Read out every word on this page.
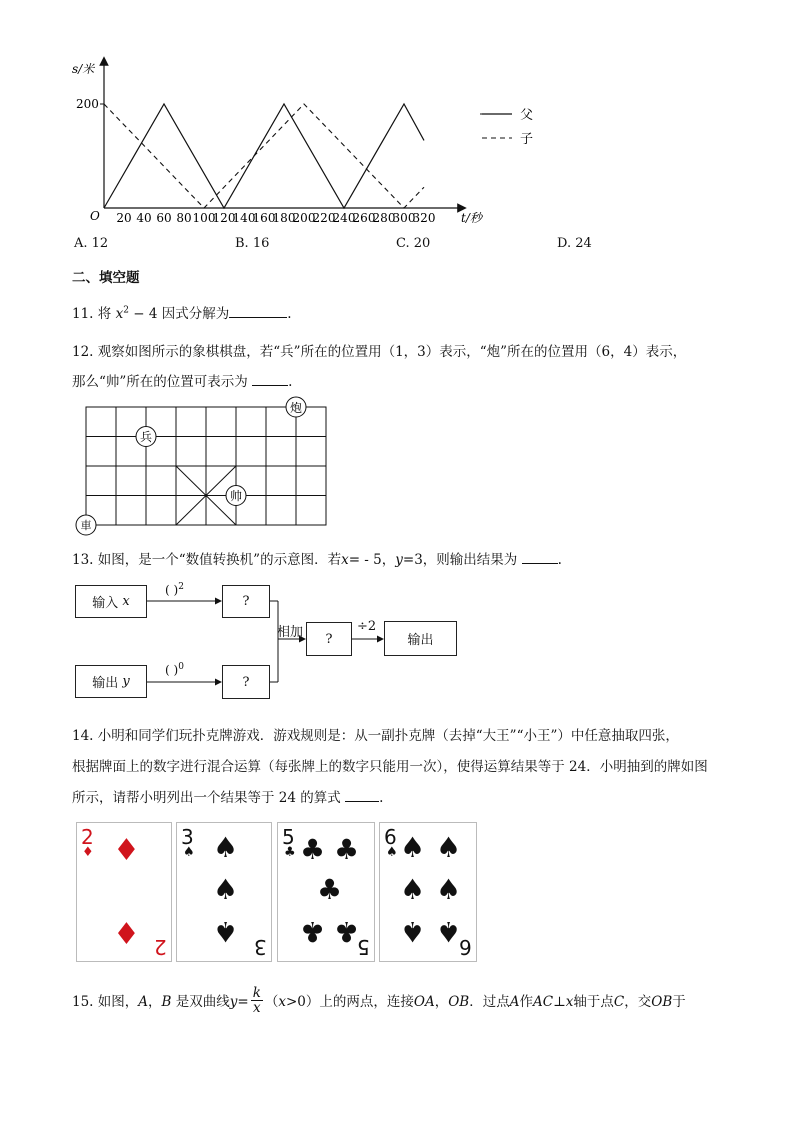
s/米
200
O	t/秒
20 40 60 80 100
120
140
160
180
200
220
240
260
280
300
320
父
子
A. 12	B. 16	C. 20	D. 24
二、填空题
11. 将 $x^2 - 4$ 因式分解为	.
12. 观察如图所示的象棋棋盘，若“兵”所在的位置用（1，3）表示，“炮”所在的位置用（6，4）表示，
那么“帅”所在的位置可表示为	.
炮
兵
帅
車
13. 如图，是一个“数值转换机”的示意图．若x= - 5，y=3，则输出结果为	.
输入
x
( )$^2$
?
相加	?
÷2
输出
输出
y
( )$^0$
?
14. 小明和同学们玩扑克牌游戏．游戏规则是：从一副扑克牌（去掉“大王”“小王”）中任意抽取四张，
根据牌面上的数字进行混合运算（每张牌上的数字只能用一次），使得运算结果等于 24．小明抽到的牌如图
所示，请帮小明列出一个结果等于 24 的算式	.
2
♦ ♦
♦ 2
3
♠ ♠
♠
♠ 3
5
♣ ♣ ♣
♣
♣ ♣
5
6
♠ ♠ ♠
♠ ♠
♠ ♠
6
15. 如图，A，B 是双曲线$y= \frac{k}{x} (x>0)$上的两点，连接OA，OB．过点A作AC⊥x轴于点C，交OB于
